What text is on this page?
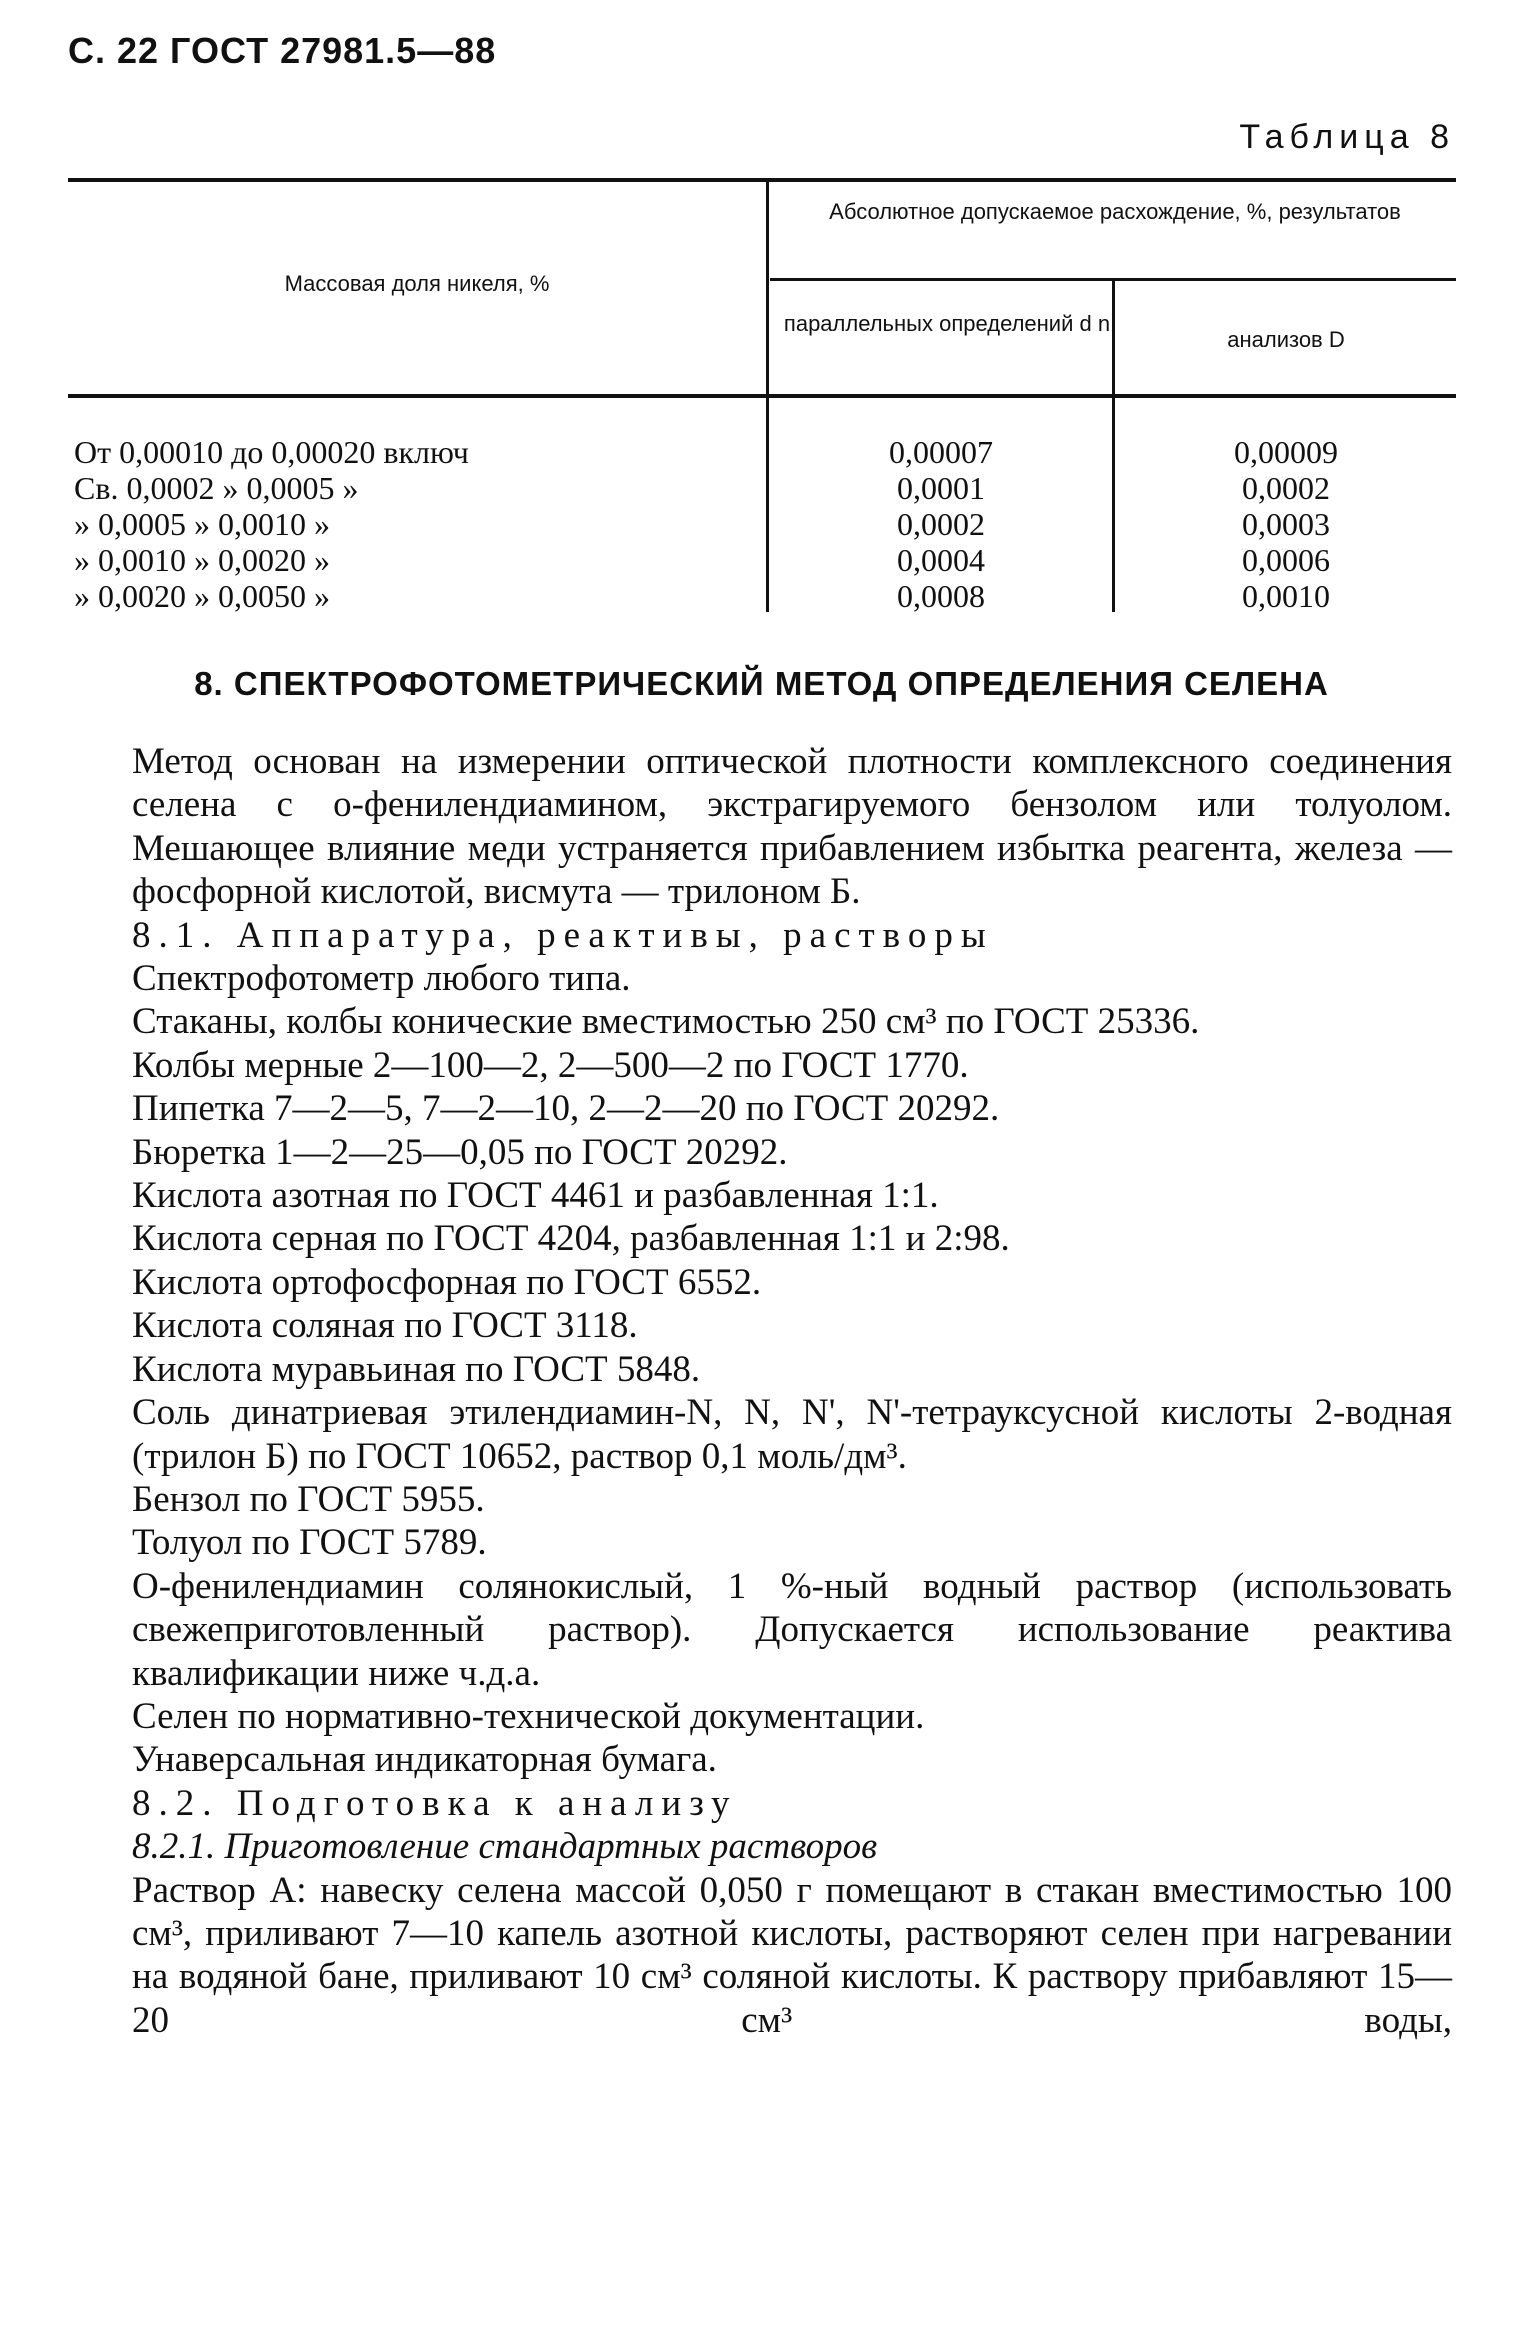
С. 22 ГОСТ 27981.5—88
Таблица 8
Массовая доля никеля, %
Абсолютное допускаемое расхождение, %, результатов
параллельных определений d n
анализов D
От 0,00010 до 0,00020 включ	0,00007	0,00009
Св. 0,0002 » 0,0005 »	0,0001	0,0002
» 0,0005 » 0,0010 »	0,0002	0,0003
» 0,0010 » 0,0020 »	0,0004	0,0006
» 0,0020 » 0,0050 »	0,0008	0,0010
8. СПЕКТРОФОТОМЕТРИЧЕСКИЙ МЕТОД ОПРЕДЕЛЕНИЯ СЕЛЕНА

Метод основан на измерении оптической плотности комплексного соединения селена с о-фенилендиамином, экстрагируемого бензолом или толуолом. Мешающее влияние меди устраняется прибавлением избытка реагента, железа — фосфорной кислотой, висмута — трилоном Б.

8.1. Аппаратура, реактивы, растворы

Спектрофотометр любого типа.

Стаканы, колбы конические вместимостью 250 см³ по ГОСТ 25336.

Колбы мерные 2—100—2, 2—500—2 по ГОСТ 1770.

Пипетка 7—2—5, 7—2—10, 2—2—20 по ГОСТ 20292.

Бюретка 1—2—25—0,05 по ГОСТ 20292.

Кислота азотная по ГОСТ 4461 и разбавленная 1:1.

Кислота серная по ГОСТ 4204, разбавленная 1:1 и 2:98.

Кислота ортофосфорная по ГОСТ 6552.

Кислота соляная по ГОСТ 3118.

Кислота муравьиная по ГОСТ 5848.

Соль динатриевая этилендиамин-N, N, N', N'-тетрауксусной кислоты 2-водная (трилон Б) по ГОСТ 10652, раствор 0,1 моль/дм³.

Бензол по ГОСТ 5955.

Толуол по ГОСТ 5789.

О-фенилендиамин солянокислый, 1 %-ный водный раствор (использовать свежеприготовленный раствор). Допускается использование реактива квалификации ниже ч.д.а.

Селен по нормативно-технической документации.

Унаверсальная индикаторная бумага.

8.2. Подготовка к анализу

8.2.1. Приготовление стандартных растворов

Раствор А: навеску селена массой 0,050 г помещают в стакан вместимостью 100 см³, приливают 7—10 капель азотной кислоты, растворяют селен при нагревании на водяной бане, приливают 10 см³ соляной кислоты. К раствору прибавляют 15—20 см³ воды,
